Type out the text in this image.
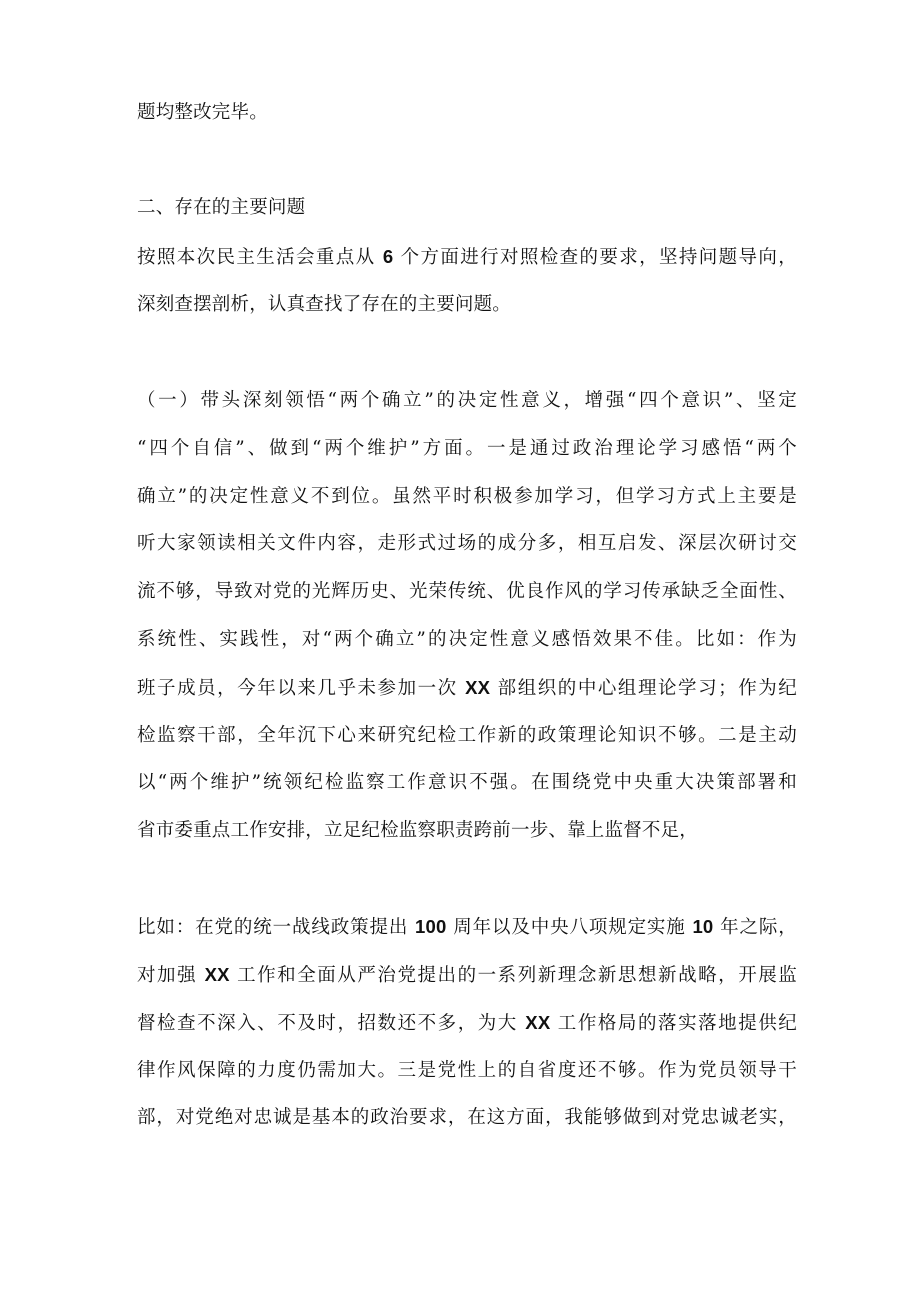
题均整改完毕。
二、存在的主要问题
按照本次民主生活会重点从 6 个方面进行对照检查的要求，坚持问题导向，
深刻查摆剖析，认真查找了存在的主要问题。
（一）带头深刻领悟“两个确立”的决定性意义，增强“四个意识”、坚定
“四个自信”、做到“两个维护”方面。一是通过政治理论学习感悟“两个
确立”的决定性意义不到位。虽然平时积极参加学习，但学习方式上主要是
听大家领读相关文件内容，走形式过场的成分多，相互启发、深层次研讨交
流不够，导致对党的光辉历史、光荣传统、优良作风的学习传承缺乏全面性、
系统性、实践性，对“两个确立”的决定性意义感悟效果不佳。比如：作为
班子成员，今年以来几乎未参加一次 XX 部组织的中心组理论学习；作为纪
检监察干部，全年沉下心来研究纪检工作新的政策理论知识不够。二是主动
以“两个维护”统领纪检监察工作意识不强。在围绕党中央重大决策部署和
省市委重点工作安排，立足纪检监察职责跨前一步、靠上监督不足，
比如：在党的统一战线政策提出 100 周年以及中央八项规定实施 10 年之际，
对加强 XX 工作和全面从严治党提出的一系列新理念新思想新战略，开展监
督检查不深入、不及时，招数还不多，为大 XX 工作格局的落实落地提供纪
律作风保障的力度仍需加大。三是党性上的自省度还不够。作为党员领导干
部，对党绝对忠诚是基本的政治要求，在这方面，我能够做到对党忠诚老实，
